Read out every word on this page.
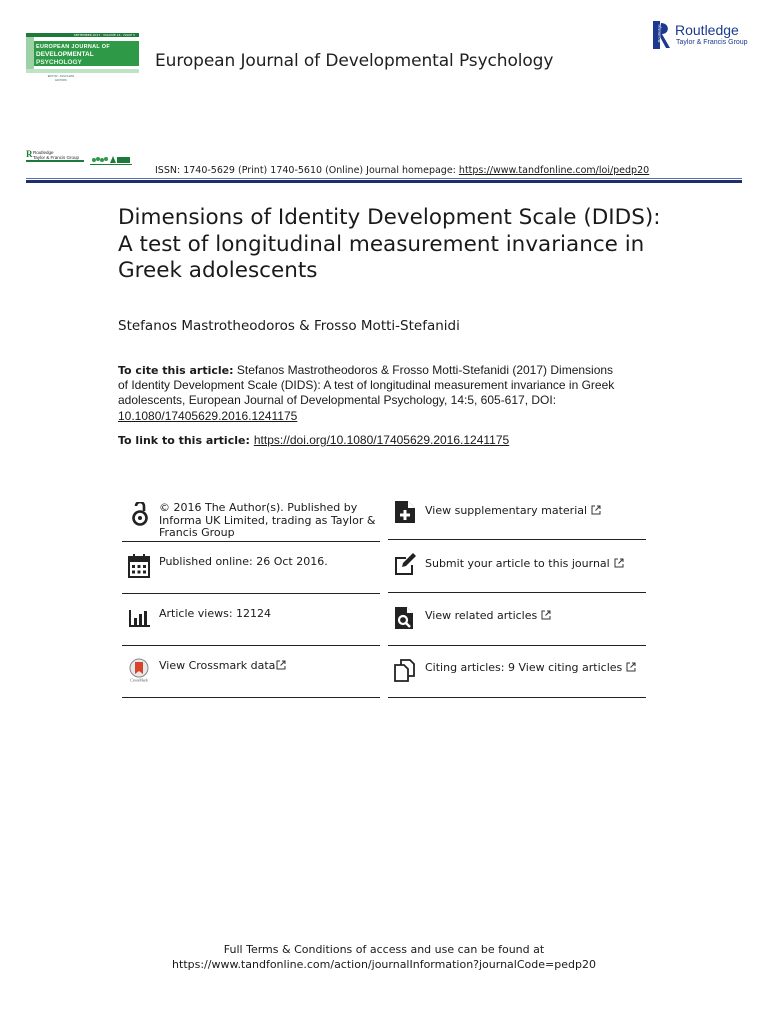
SEPTEMBER 2017 · VOLUME 14 · ISSUE 5
EUROPEAN JOURNAL OF
DEVELOPMENTAL
PSYCHOLOGY
EDITOR · ASSOCIATE EDITORS
European Journal of Developmental Psychology
Routledge Routledge
Taylor & Francis Group
R Routledge
Taylor & Francis Group
ISSN: 1740-5629 (Print) 1740-5610 (Online) Journal homepage: https://www.tandfonline.com/loi/pedp20
Dimensions of Identity Development Scale (DIDS): A test of longitudinal measurement invariance in Greek adolescents
Stefanos Mastrotheodoros & Frosso Motti-Stefanidi
To cite this article: Stefanos Mastrotheodoros & Frosso Motti-Stefanidi (2017) Dimensions of Identity Development Scale (DIDS): A test of longitudinal measurement invariance in Greek adolescents, European Journal of Developmental Psychology, 14:5, 605-617, DOI: 10.1080/17405629.2016.1241175
To link to this article: https://doi.org/10.1080/17405629.2016.1241175
© 2016 The Author(s). Published by Informa UK Limited, trading as Taylor & Francis Group
Published online: 26 Oct 2016.
Article views: 12124
CrossMark
View Crossmark data
View supplementary material
Submit your article to this journal
View related articles
Citing articles: 9 View citing articles
Full Terms & Conditions of access and use can be found at
https://www.tandfonline.com/action/journalInformation?journalCode=pedp20
